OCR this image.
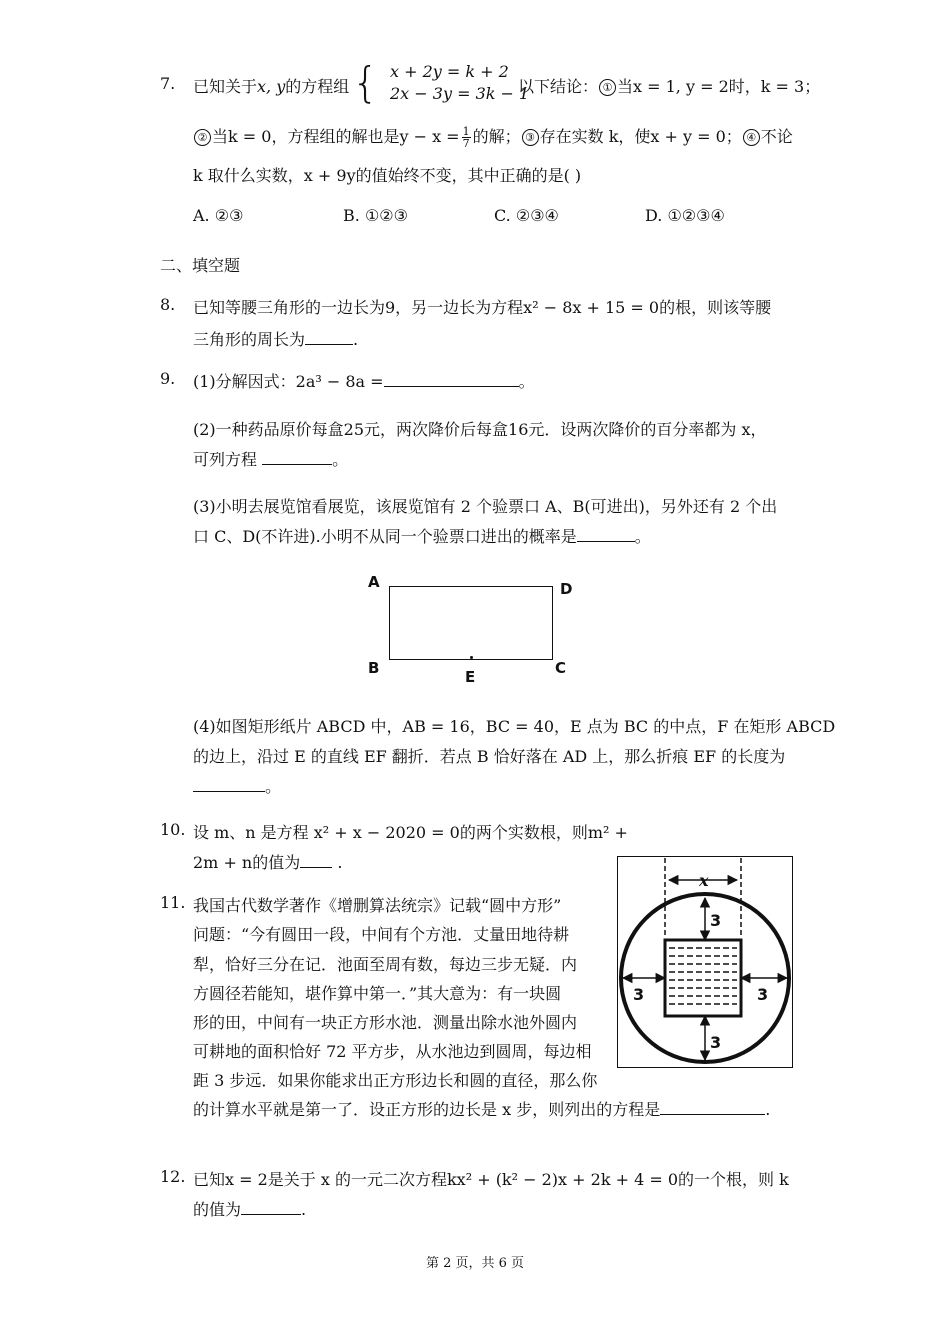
7. 已知关于x, y的方程组 { x + 2y = k + 2
2x − 3y = 3k − 1
以下结论： ① 当x = 1, y = 2时，k = 3；
② 当k = 0，方程组的解也是$y - x = \frac{1}{7}$ 的解； ③ 存在实数 k，使x + y = 0； ④ 不论
k 取什么实数，x + 9y的值始终不变，其中正确的是( )
A. ②③	B. ①②③	C. ②③④	D. ①②③④
二、填空题
8. 已知等腰三角形的一边长为9，另一边长为方程x² − 8x + 15 = 0的根，则该等腰
三角形的周长为	.
9. (1)分解因式：2a³ − 8a =	。
(2)一种药品原价每盒25元，两次降价后每盒16元．设两次降价的百分率都为 x，
可列方程	。
(3)小明去展览馆看展览，该展览馆有 2 个验票口 A、B(可进出)，另外还有 2 个出
口 C、D(不许进).小明不从同一个验票口进出的概率是	。
A	D
B	C
E
(4)如图矩形纸片 ABCD 中，AB = 16，BC = 40，E 点为 BC 的中点，F 在矩形 ABCD
的边上，沿过 E 的直线 EF 翻折．若点 B 恰好落在 AD 上，那么折痕 EF 的长度为
。
10. 设 m、n 是方程 x² + x − 2020 = 0的两个实数根，则m² +
2m + n的值为 .
11. 我国古代数学著作《增删算法统宗》记载“圆中方形”
问题：“今有圆田一段，中间有个方池．丈量田地待耕
犁，恰好三分在记．池面至周有数，每边三步无疑．内
方圆径若能知，堪作算中第一．”其大意为：有一块圆
形的田，中间有一块正方形水池．测量出除水池外圆内
可耕地的面积恰好 72 平方步，从水池边到圆周，每边相
距 3 步远．如果你能求出正方形边长和圆的直径，那么你
的计算水平就是第一了．设正方形的边长是 x 步，则列出的方程是	.
x
3
3
3	3
12. 已知x = 2是关于 x 的一元二次方程kx² + (k² − 2)x + 2k + 4 = 0的一个根，则 k
的值为	.
第 2 页，共 6 页
